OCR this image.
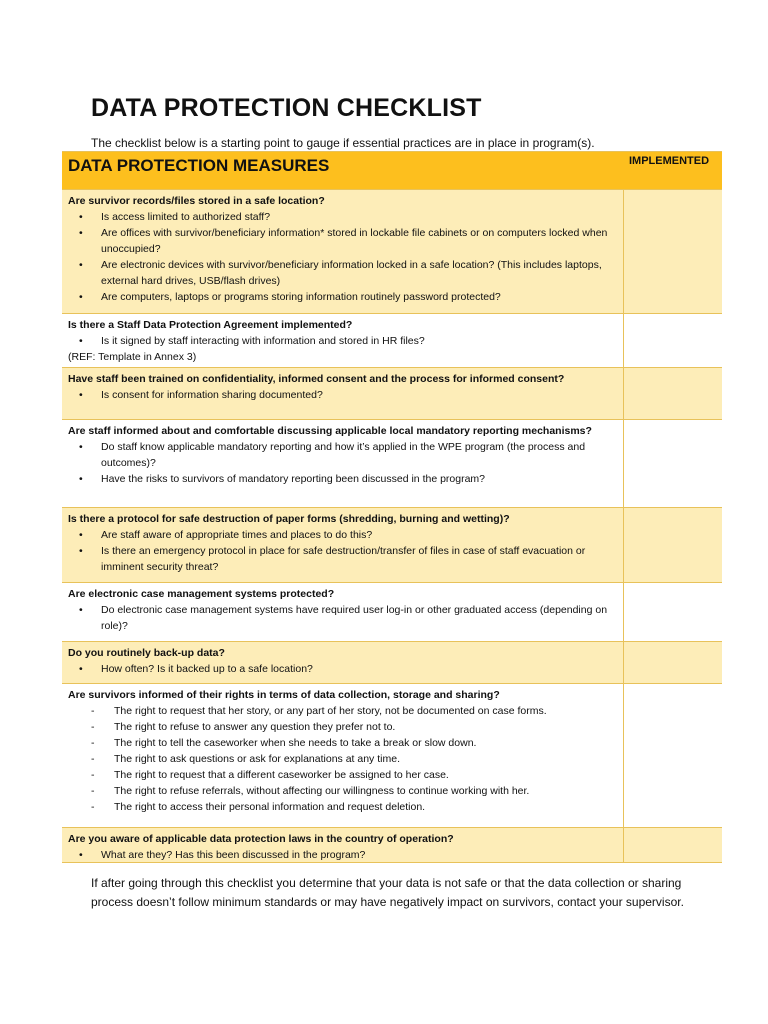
DATA PROTECTION CHECKLIST
The checklist below is a starting point to gauge if essential practices are in place in program(s).
DATA PROTECTION MEASURES	IMPLEMENTED
Are survivor records/files stored in a safe location?
• Is access limited to authorized staff?
• Are offices with survivor/beneficiary information* stored in lockable file cabinets or on computers locked when unoccupied?
• Are electronic devices with survivor/beneficiary information locked in a safe location? (This includes laptops, external hard drives, USB/flash drives)
• Are computers, laptops or programs storing information routinely password protected?
Is there a Staff Data Protection Agreement implemented?
• Is it signed by staff interacting with information and stored in HR files?
(REF: Template in Annex 3)
Have staff been trained on confidentiality, informed consent and the process for informed consent?
• Is consent for information sharing documented?
Are staff informed about and comfortable discussing applicable local mandatory reporting mechanisms?
• Do staff know applicable mandatory reporting and how it’s applied in the WPE program (the process and outcomes)?
• Have the risks to survivors of mandatory reporting been discussed in the program?
Is there a protocol for safe destruction of paper forms (shredding, burning and wetting)?
• Are staff aware of appropriate times and places to do this?
• Is there an emergency protocol in place for safe destruction/transfer of files in case of staff evacuation or imminent security threat?
Are electronic case management systems protected?
• Do electronic case management systems have required user log-in or other graduated access (depending on role)?
Do you routinely back-up data?
• How often? Is it backed up to a safe location?
Are survivors informed of their rights in terms of data collection, storage and sharing?
- The right to request that her story, or any part of her story, not be documented on case forms.
- The right to refuse to answer any question they prefer not to.
- The right to tell the caseworker when she needs to take a break or slow down.
- The right to ask questions or ask for explanations at any time.
- The right to request that a different caseworker be assigned to her case.
- The right to refuse referrals, without affecting our willingness to continue working with her.
- The right to access their personal information and request deletion.
Are you aware of applicable data protection laws in the country of operation?
• What are they? Has this been discussed in the program?
If after going through this checklist you determine that your data is not safe or that the data collection or sharing process doesn’t follow minimum standards or may have negatively impact on survivors, contact your supervisor.
